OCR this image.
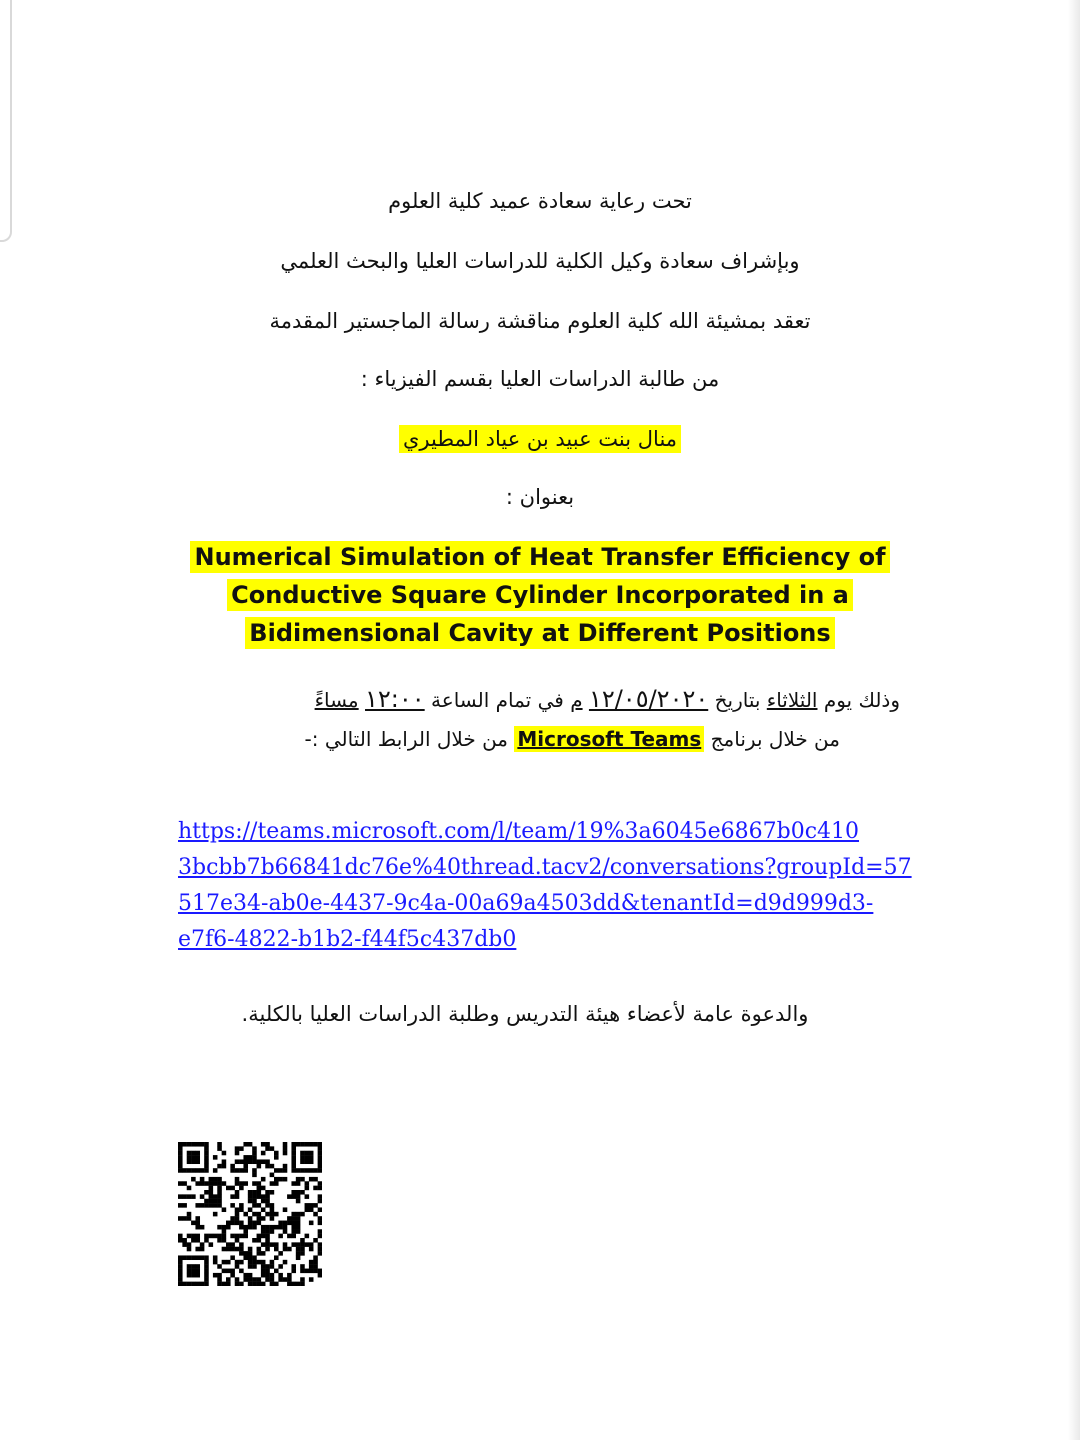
تحت رعاية سعادة عميد كلية العلوم
وبإشراف سعادة وكيل الكلية للدراسات العليا والبحث العلمي
تعقد بمشيئة الله كلية العلوم مناقشة رسالة الماجستير المقدمة
من طالبة الدراسات العليا بقسم الفيزياء :
منال بنت عبيد بن عياد المطيري
بعنوان :
Numerical Simulation of Heat Transfer Efficiency of
Conductive Square Cylinder Incorporated in a
Bidimensional Cavity at Different Positions
وذلك يوم الثلاثاء بتاريخ ١٢/٠٥/٢٠٢٠ م في تمام الساعة ١٢:٠٠ مساءً
من خلال برنامج Microsoft Teams من خلال الرابط التالي :-
https://teams.microsoft.com/l/team/19%3a6045e6867b0c410
3bcbb7b66841dc76e%40thread.tacv2/conversations?groupId=57
517e34-ab0e-4437-9c4a-00a69a4503dd&tenantId=d9d999d3-
e7f6-4822-b1b2-f44f5c437db0
والدعوة عامة لأعضاء هيئة التدريس وطلبة الدراسات العليا بالكلية.
